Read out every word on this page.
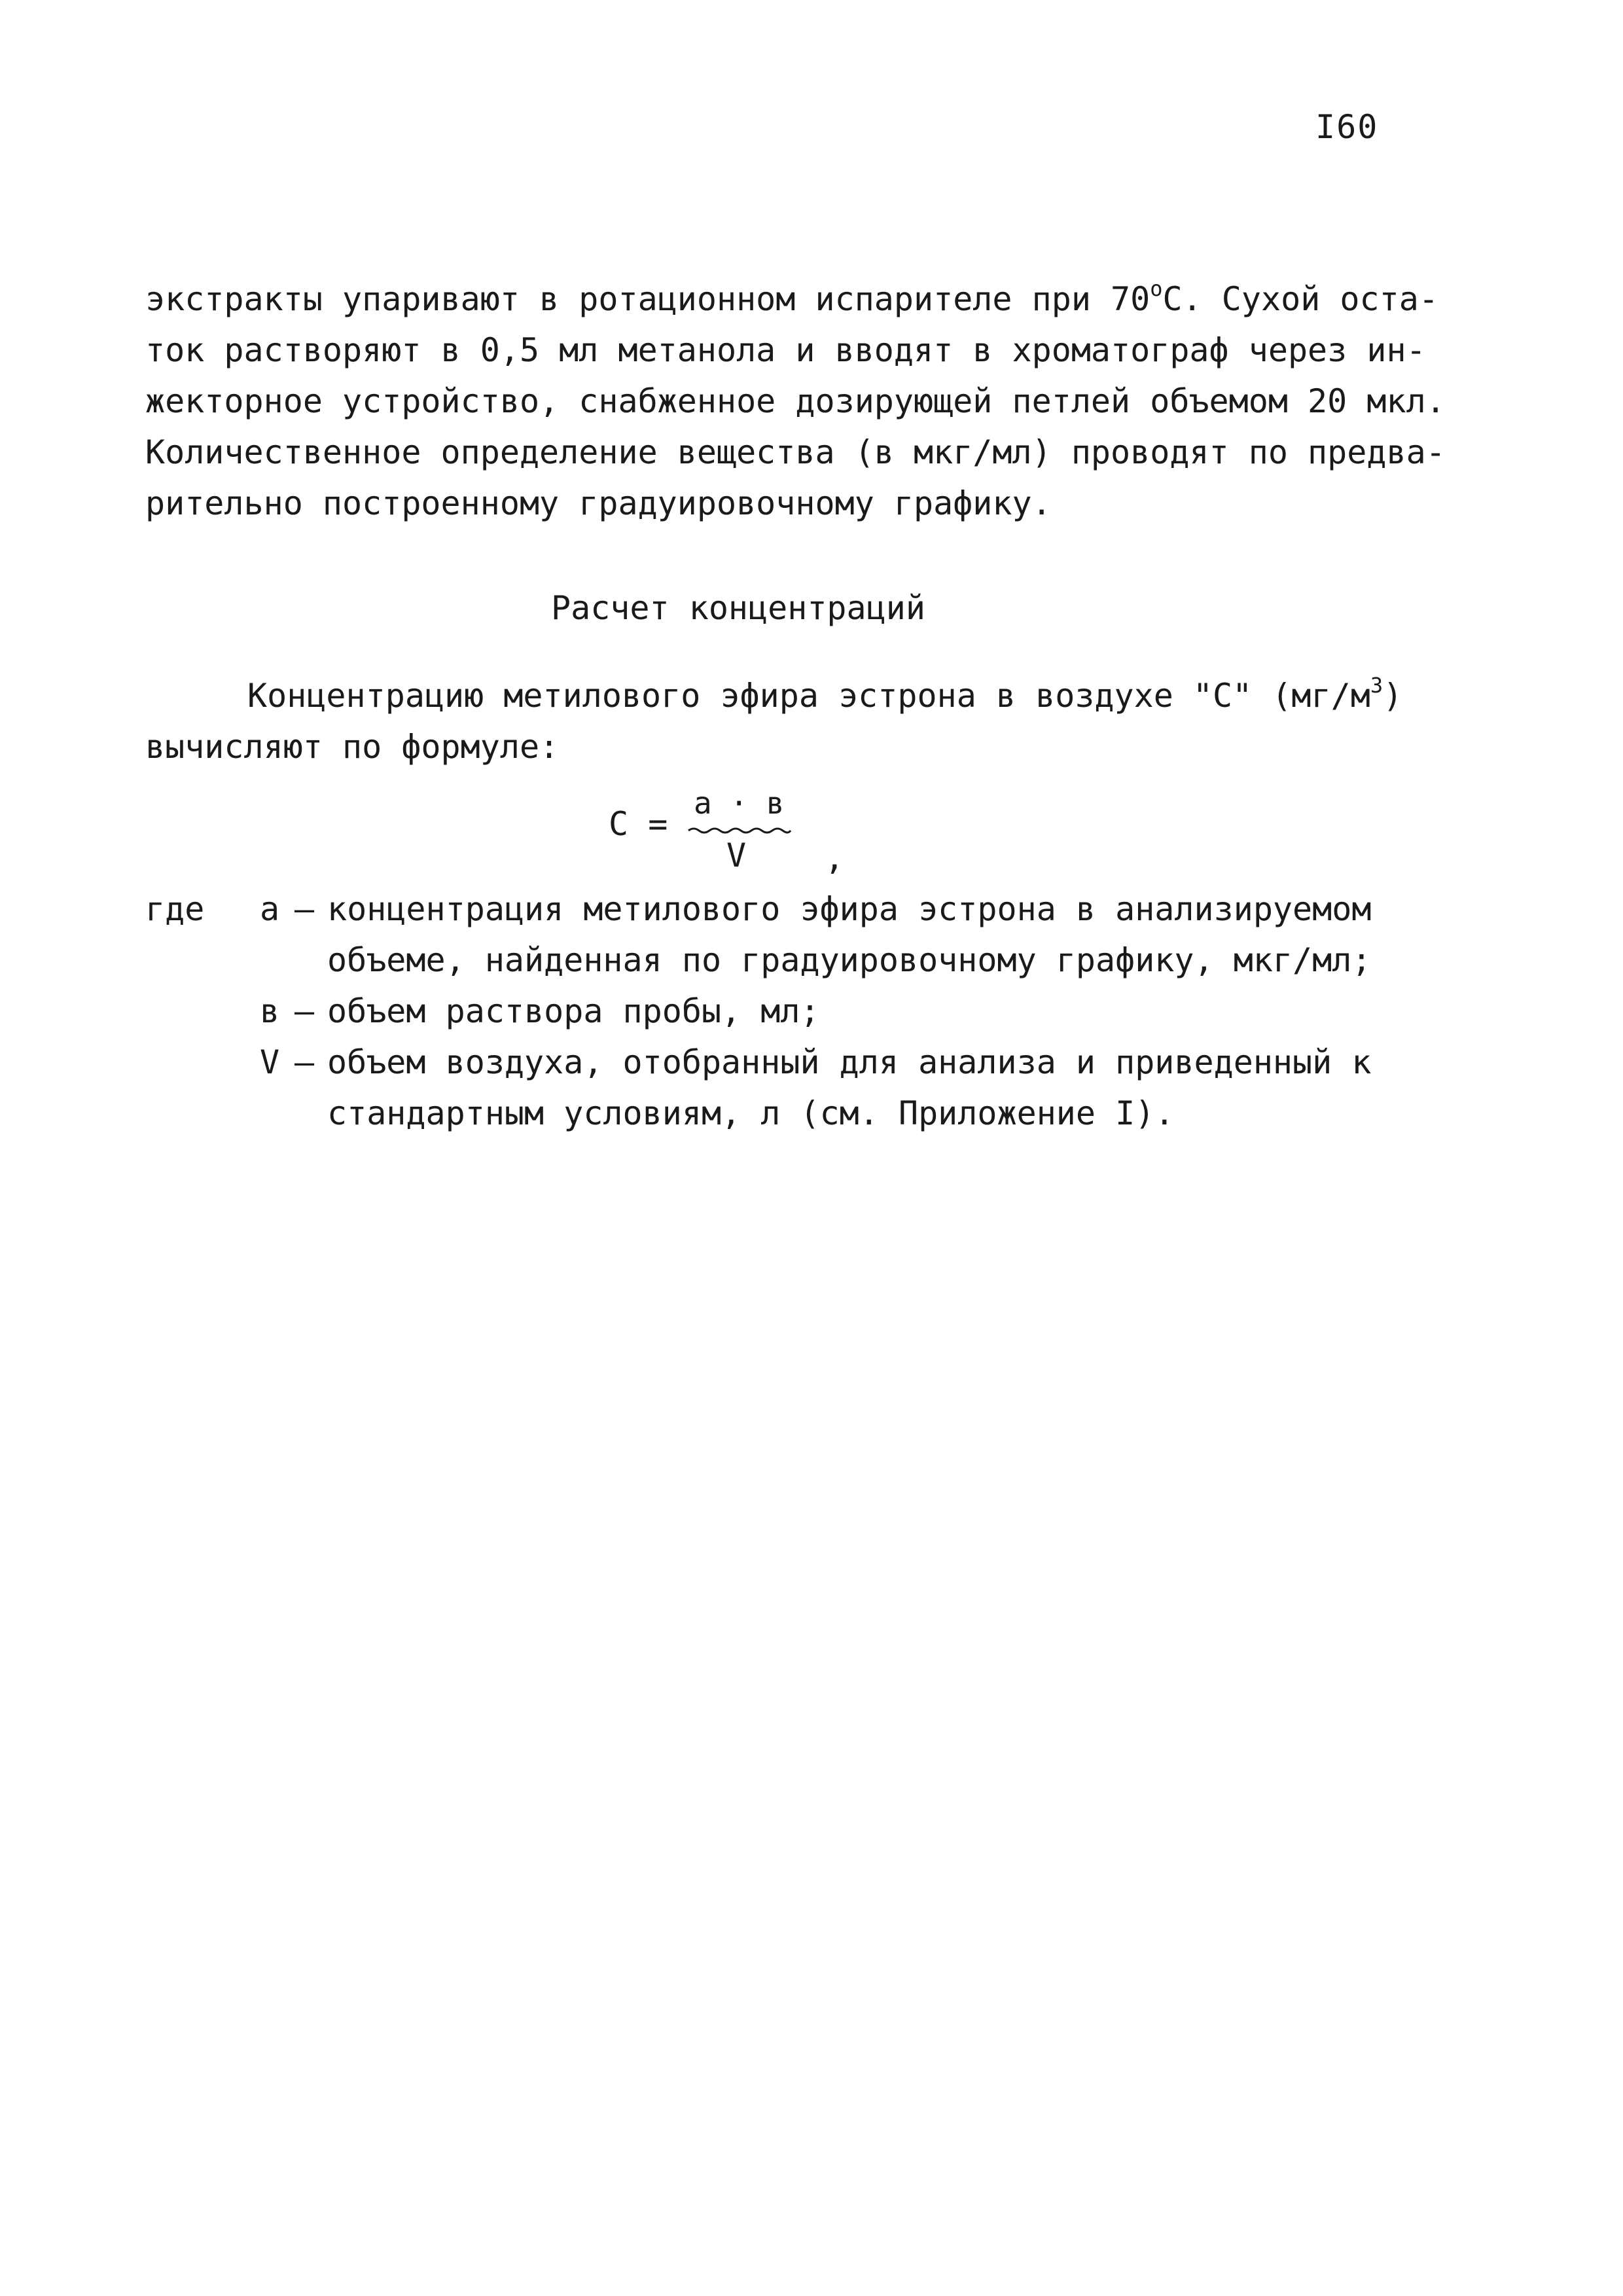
I60
экстракты упаривают в ротационном испарителе при $70^оС$. Сухой оста-
ток растворяют в 0,5 мл метанола и вводят в хроматограф через ин-
жекторное устройство, снабженное дозирующей петлей объемом 20 мкл.
Количественное определение вещества (в мкг/мл) проводят по предва-
рительно построенному градуировочному графику.
Расчет концентраций
Концентрацию метилового эфира эстрона в воздухе "С" $(мг/м^3)$
вычисляют по формуле:
С =
а · в
V ,
где	а – концентрация метилового эфира эстрона в анализируемом
объеме, найденная по градуировочному графику, мкг/мл;
в – объем раствора пробы, мл;
V – объем воздуха, отобранный для анализа и приведенный к
стандартным условиям, л (см. Приложение I).
